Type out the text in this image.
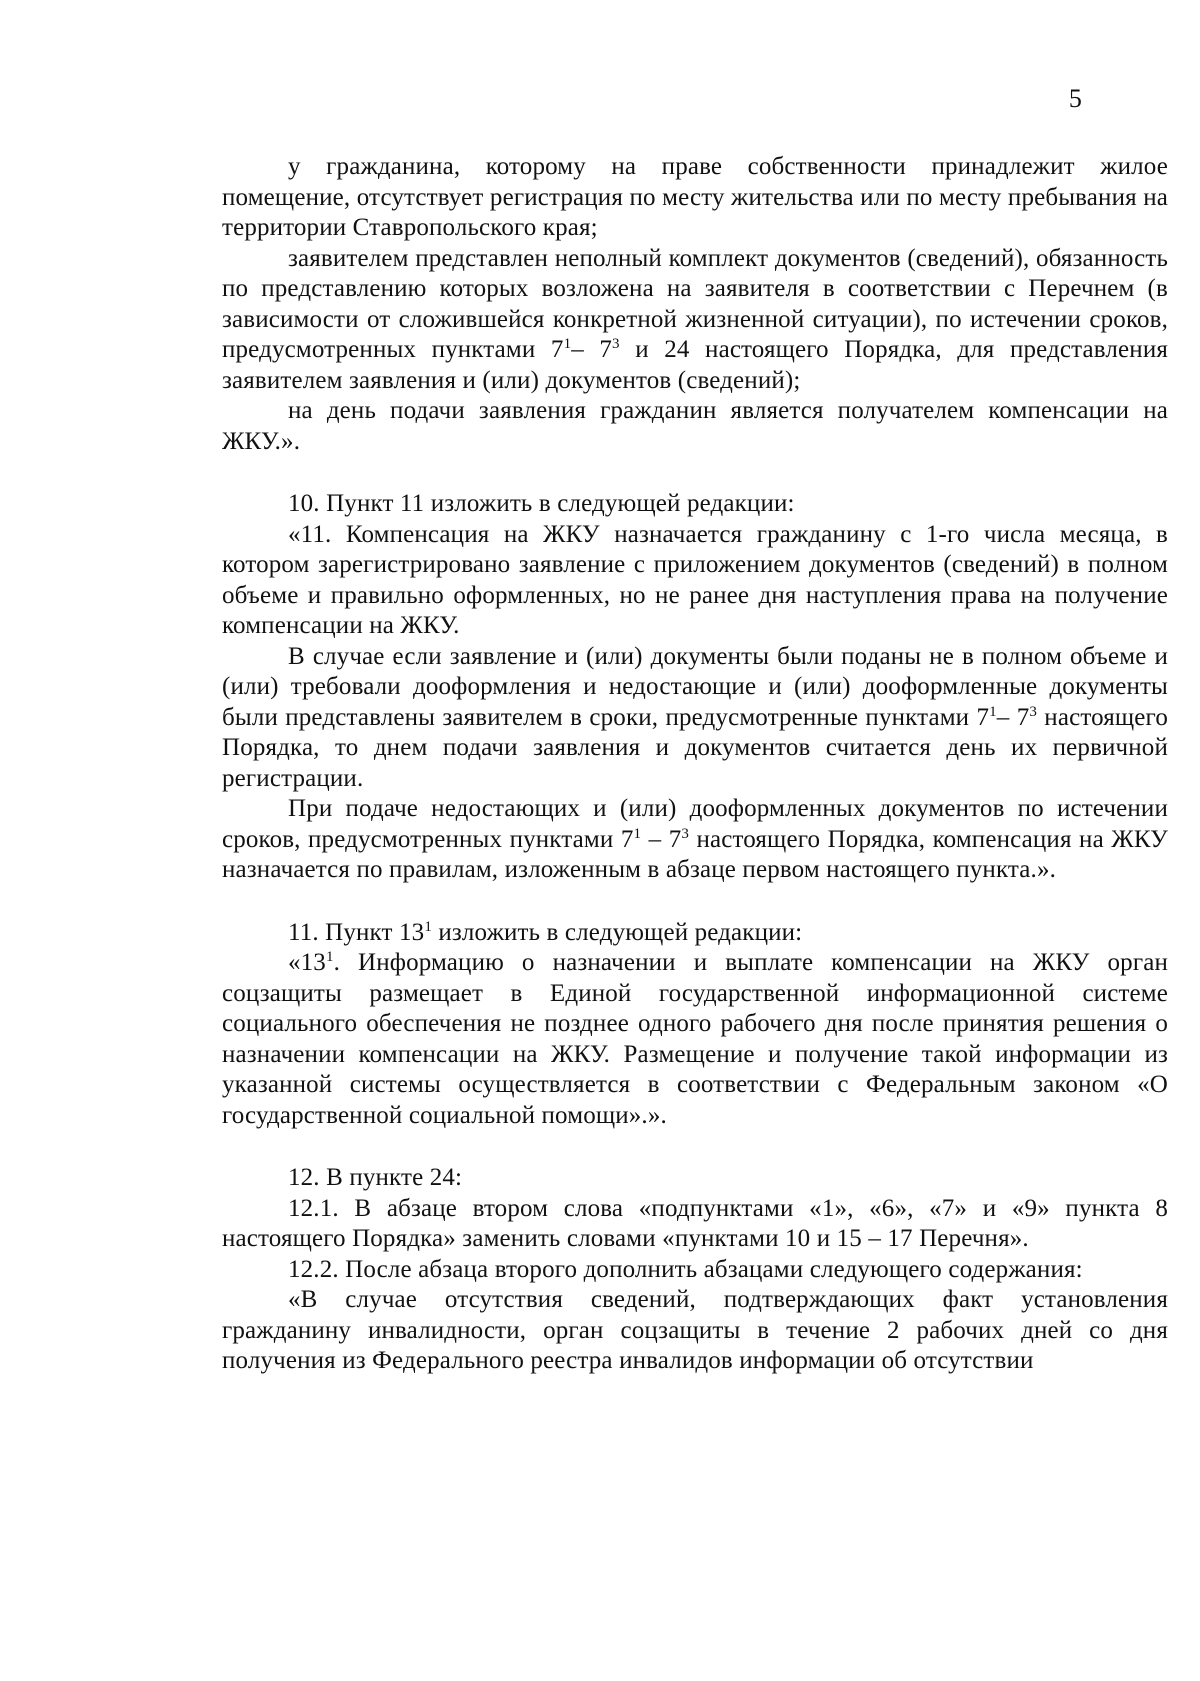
5

у гражданина, которому на праве собственности принадлежит жилое помещение, отсутствует регистрация по месту жительства или по месту пребывания на территории Ставропольского края;

заявителем представлен неполный комплект документов (сведений), обязанность по представлению которых возложена на заявителя в соответствии с Перечнем (в зависимости от сложившейся конкретной жизненной ситуации), по истечении сроков, предусмотренных пунктами $7^1-$ $7^3$ и 24 настоящего Порядка, для представления заявителем заявления и (или) документов (сведений);

на день подачи заявления гражданин является получателем компенсации на ЖКУ.».

10. Пункт 11 изложить в следующей редакции:

«11. Компенсация на ЖКУ назначается гражданину с 1-го числа месяца, в котором зарегистрировано заявление с приложением документов (сведений) в полном объеме и правильно оформленных, но не ранее дня наступления права на получение компенсации на ЖКУ.

В случае если заявление и (или) документы были поданы не в полном объеме и (или) требовали дооформления и недостающие и (или) дооформленные документы были представлены заявителем в сроки, предусмотренные пунктами $7^1-$ $7^3$ настоящего Порядка, то днем подачи заявления и документов считается день их первичной регистрации.

При подаче недостающих и (или) дооформленных документов по истечении сроков, предусмотренных пунктами $7^1 - 7^3$ настоящего Порядка, компенсация на ЖКУ назначается по правилам, изложенным в абзаце первом настоящего пункта.».

11. Пункт $13^1$ изложить в следующей редакции:

«$13^1$. Информацию о назначении и выплате компенсации на ЖКУ орган соцзащиты размещает в Единой государственной информационной системе социального обеспечения не позднее одного рабочего дня после принятия решения о назначении компенсации на ЖКУ. Размещение и получение такой информации из указанной системы осуществляется в соответствии с Федеральным законом «О государственной социальной помощи».».

12. В пункте 24:

12.1. В абзаце втором слова «подпунктами «1», «6», «7» и «9» пункта 8 настоящего Порядка» заменить словами «пунктами 10 и 15 – 17 Перечня».

12.2. После абзаца второго дополнить абзацами следующего содержания:

«В случае отсутствия сведений, подтверждающих факт установления гражданину инвалидности, орган соцзащиты в течение 2 рабочих дней со дня получения из Федерального реестра инвалидов информации об отсутствии
